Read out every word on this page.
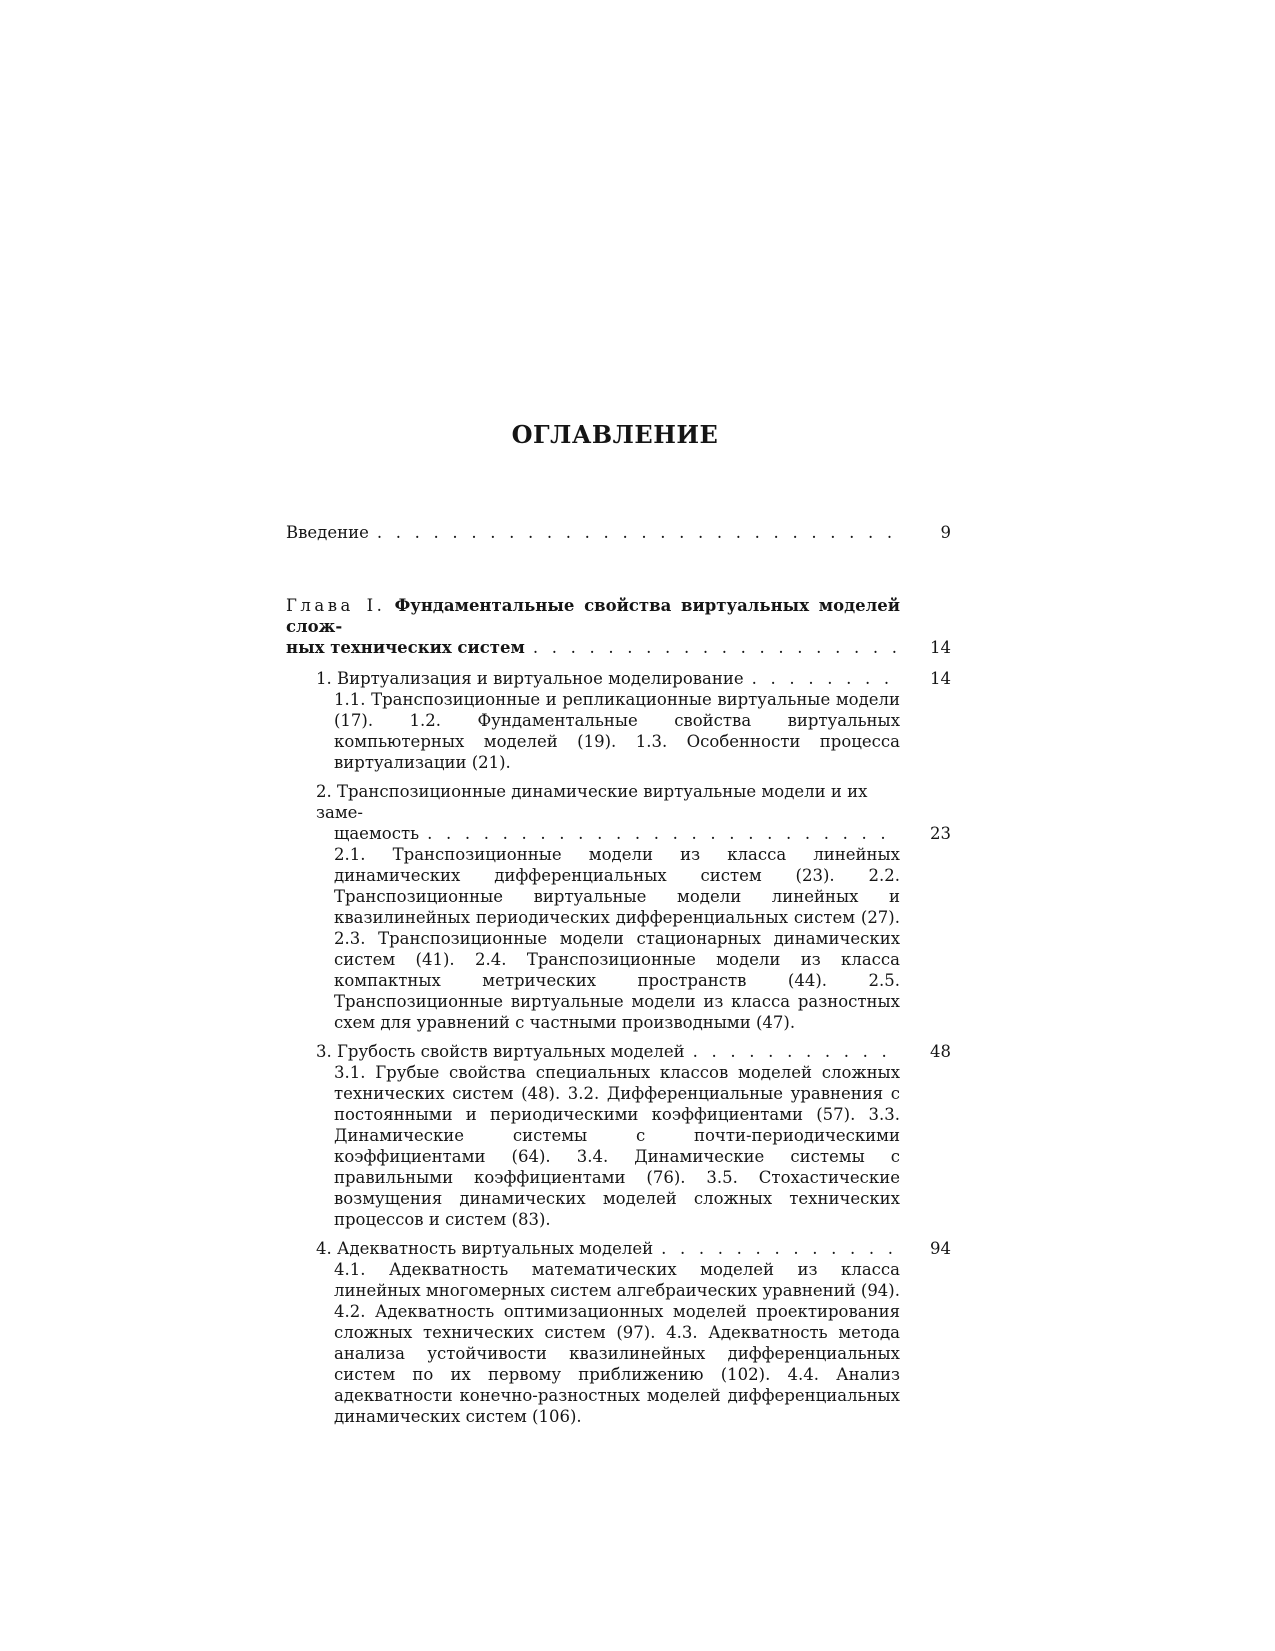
ОГЛАВЛЕНИЕ
Введение . . .	9
Глава I. Фундаментальные свойства виртуальных моделей слож-
ных технических систем . . .	14
1. Виртуализация и виртуальное моделирование . . .	14
1.1. Транспозиционные и репликационные виртуальные модели (17). 1.2. Фундаментальные свойства виртуальных компьютерных моделей (19). 1.3. Особенности процесса виртуализации (21).
2. Транспозиционные динамические виртуальные модели и их заме-
щаемость . . .	23
2.1. Транспозиционные модели из класса линейных динамических дифференциальных систем (23). 2.2. Транспозиционные виртуальные модели линейных и квазилинейных периодических дифференциальных систем (27). 2.3. Транспозиционные модели стационарных динамических систем (41). 2.4. Транспозиционные модели из класса компактных метрических пространств (44). 2.5. Транспозиционные виртуальные модели из класса разностных схем для уравнений с частными производными (47).
3. Грубость свойств виртуальных моделей . . .	48
3.1. Грубые свойства специальных классов моделей сложных технических систем (48). 3.2. Дифференциальные уравнения с постоянными и периодическими коэффициентами (57). 3.3. Динамические системы с почти-периодическими коэффициентами (64). 3.4. Динамические системы с правильными коэффициентами (76). 3.5. Стохастические возмущения динамических моделей сложных технических процессов и систем (83).
4. Адекватность виртуальных моделей . . .	94
4.1. Адекватность математических моделей из класса линейных многомерных систем алгебраических уравнений (94). 4.2. Адекватность оптимизационных моделей проектирования сложных технических систем (97). 4.3. Адекватность метода анализа устойчивости квазилинейных дифференциальных систем по их первому приближению (102). 4.4. Анализ адекватности конечно-разностных моделей дифференциальных динамических систем (106).
